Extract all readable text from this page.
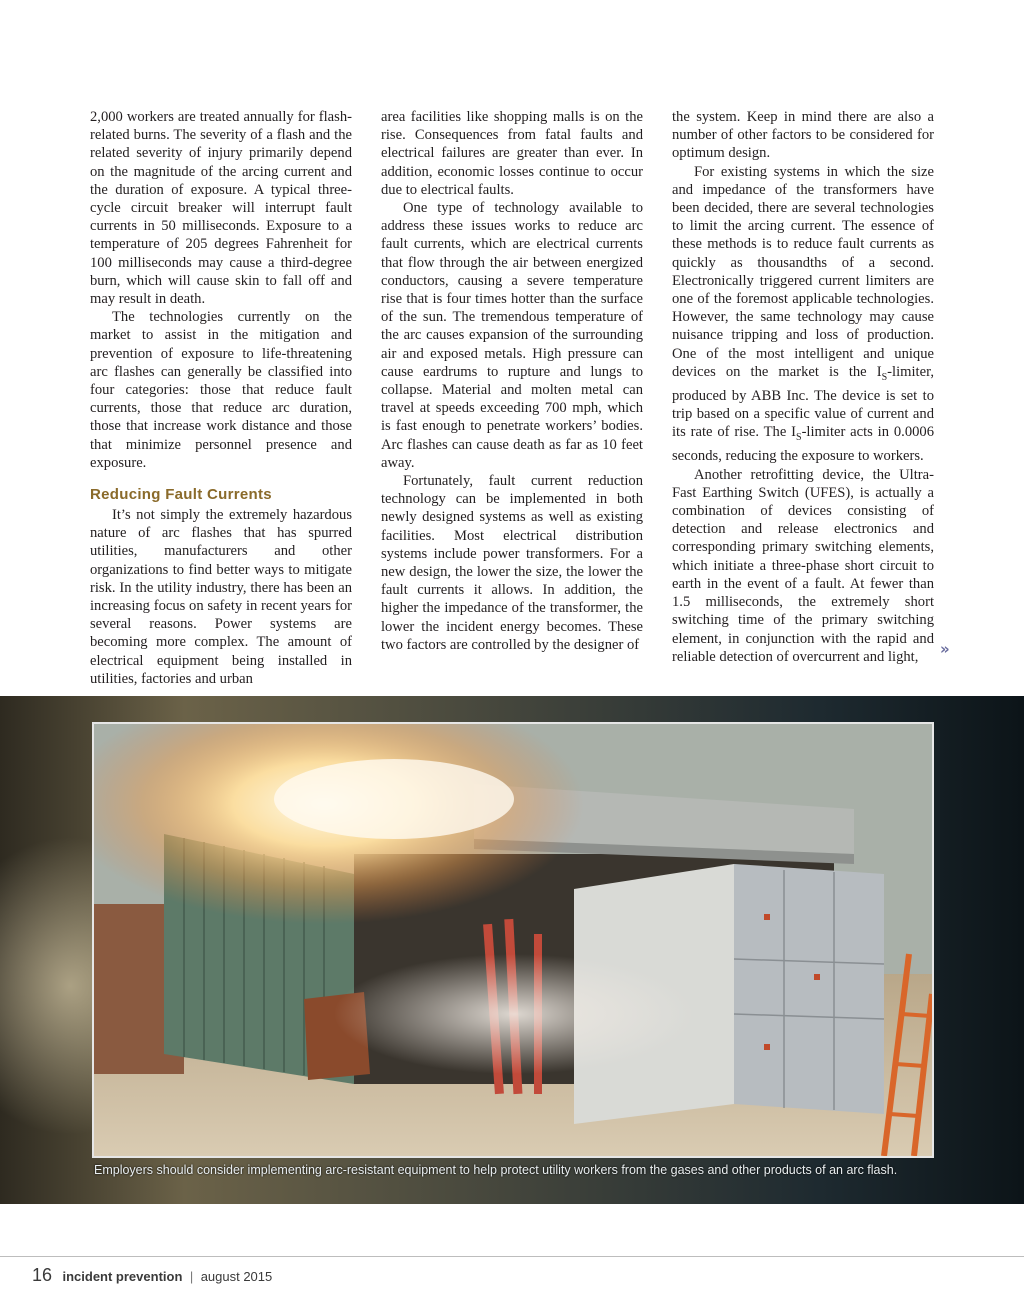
2,000 workers are treated annually for flash-related burns. The severity of a flash and the related severity of injury primarily depend on the magnitude of the arcing current and the duration of exposure. A typical three-cycle circuit breaker will interrupt fault currents in 50 milliseconds. Exposure to a temperature of 205 degrees Fahrenheit for 100 milliseconds may cause a third-degree burn, which will cause skin to fall off and may result in death.

The technologies currently on the market to assist in the mitigation and prevention of exposure to life-threatening arc flashes can generally be classified into four categories: those that reduce fault currents, those that reduce arc duration, those that increase work distance and those that minimize personnel presence and exposure.

Reducing Fault Currents

It’s not simply the extremely hazardous nature of arc flashes that has spurred utilities, manufacturers and other organizations to find better ways to mitigate risk. In the utility industry, there has been an increasing focus on safety in recent years for several reasons. Power systems are becoming more complex. The amount of electrical equipment being installed in utilities, factories and urban

area facilities like shopping malls is on the rise. Consequences from fatal faults and electrical failures are greater than ever. In addition, economic losses continue to occur due to electrical faults.

One type of technology available to address these issues works to reduce arc fault currents, which are electrical currents that flow through the air between energized conductors, causing a severe temperature rise that is four times hotter than the surface of the sun. The tremendous temperature of the arc causes expansion of the surrounding air and exposed metals. High pressure can cause eardrums to rupture and lungs to collapse. Material and molten metal can travel at speeds exceeding 700 mph, which is fast enough to penetrate workers’ bodies. Arc flashes can cause death as far as 10 feet away.

Fortunately, fault current reduction technology can be implemented in both newly designed systems as well as existing facilities. Most electrical distribution systems include power transformers. For a new design, the lower the size, the lower the fault currents it allows. In addition, the higher the impedance of the transformer, the lower the incident energy becomes. These two factors are controlled by the designer of

the system. Keep in mind there are also a number of other factors to be considered for optimum design.

For existing systems in which the size and impedance of the transformers have been decided, there are several technologies to limit the arcing current. The essence of these methods is to reduce fault currents as quickly as thousandths of a second. Electronically triggered current limiters are one of the foremost applicable technologies. However, the same technology may cause nuisance tripping and loss of production. One of the most intelligent and unique devices on the market is the $I_S$-limiter, produced by ABB Inc. The device is set to trip based on a specific value of current and its rate of rise. The $I_S$-limiter acts in 0.0006 seconds, reducing the exposure to workers.

Another retrofitting device, the Ultra-Fast Earthing Switch (UFES), is actually a combination of devices consisting of detection and release electronics and corresponding primary switching elements, which initiate a three-phase short circuit to earth in the event of a fault. At fewer than 1.5 milliseconds, the extremely short switching time of the primary switching element, in conjunction with the rapid and reliable detection of overcurrent and light,	»
Employers should consider implementing arc-resistant equipment to help protect utility workers from the gases and other products of an arc flash.
16 incident prevention | august 2015
